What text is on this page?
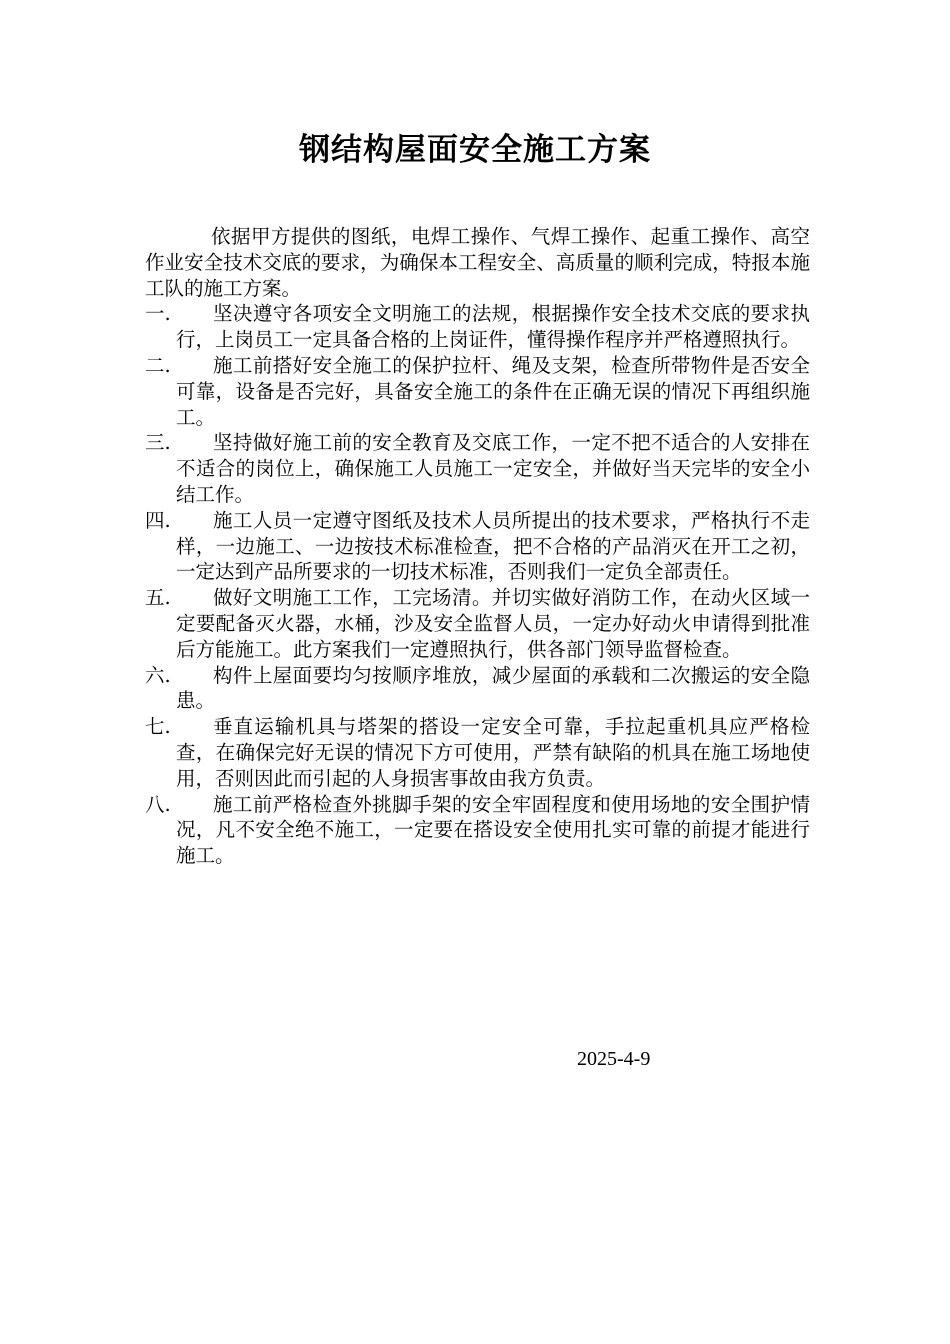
钢结构屋面安全施工方案

依据甲方提供的图纸，电焊工操作、气焊工操作、起重工操作、高空作业安全技术交底的要求，为确保本工程安全、高质量的顺利完成，特报本施工队的施工方案。

一.	坚决遵守各项安全文明施工的法规，根据操作安全技术交底的要求执行，上岗员工一定具备合格的上岗证件，懂得操作程序并严格遵照执行。

二.	施工前搭好安全施工的保护拉杆、绳及支架，检查所带物件是否安全可靠，设备是否完好，具备安全施工的条件在正确无误的情况下再组织施工。

三.	坚持做好施工前的安全教育及交底工作，一定不把不适合的人安排在不适合的岗位上，确保施工人员施工一定安全，并做好当天完毕的安全小结工作。

四.	施工人员一定遵守图纸及技术人员所提出的技术要求，严格执行不走样，一边施工、一边按技术标准检查，把不合格的产品消灭在开工之初，一定达到产品所要求的一切技术标准，否则我们一定负全部责任。

五.	做好文明施工工作，工完场清。并切实做好消防工作，在动火区域一定要配备灭火器，水桶，沙及安全监督人员，一定办好动火申请得到批准后方能施工。此方案我们一定遵照执行，供各部门领导监督检查。

六.	构件上屋面要均匀按顺序堆放，减少屋面的承载和二次搬运的安全隐患。

七.	垂直运输机具与塔架的搭设一定安全可靠，手拉起重机具应严格检查，在确保完好无误的情况下方可使用，严禁有缺陷的机具在施工场地使用，否则因此而引起的人身损害事故由我方负责。

八.	施工前严格检查外挑脚手架的安全牢固程度和使用场地的安全围护情况，凡不安全绝不施工，一定要在搭设安全使用扎实可靠的前提才能进行施工。

2025-4-9
